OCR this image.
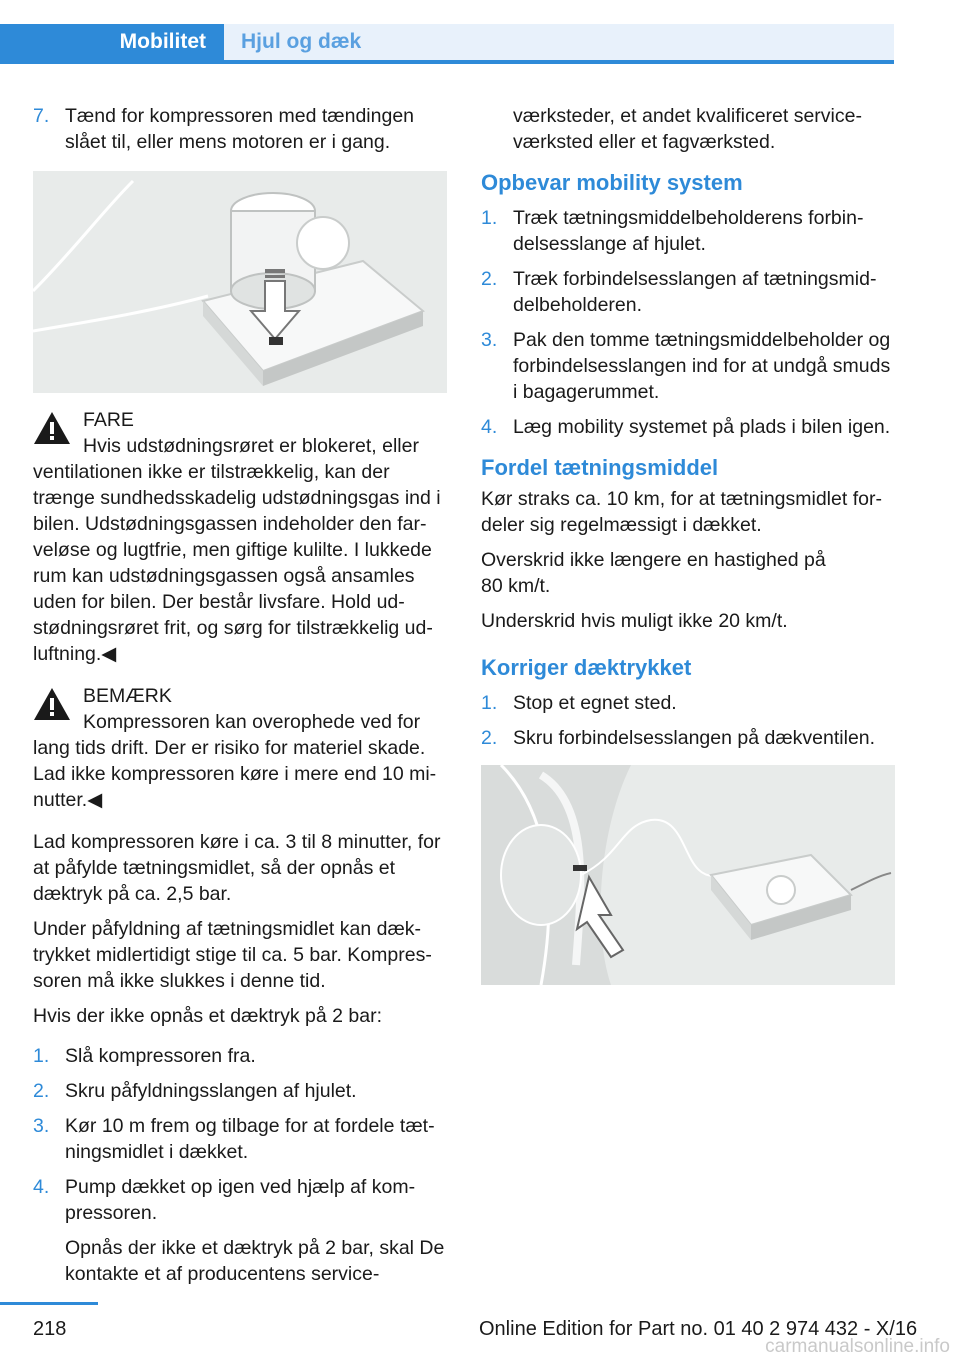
Mobilitet Hjul og dæk
7. Tænd for kompressoren med tændingen slået til, eller mens motoren er i gang.
FARE
Hvis udstødningsrøret er blokeret, eller ventilationen ikke er tilstrækkelig, kan der trænge sundhedsskadelig udstødningsgas ind i bilen. Udstødningsgassen indeholder den farveløse og lugtfrie, men giftige kulilte. I lukkede rum kan udstødningsgassen også ansamles uden for bilen. Der består livsfare. Hold udstødningsrøret frit, og sørg for tilstrækkelig udluftning.◀
BEMÆRK
Kompressoren kan overophede ved for lang tids drift. Der er risiko for materiel skade. Lad ikke kompressoren køre i mere end 10 minutter.◀

Lad kompressoren køre i ca. 3 til 8 minutter, for at påfylde tætningsmidlet, så der opnås et dæktryk på ca. 2,5 bar.

Under påfyldning af tætningsmidlet kan dæktrykket midlertidigt stige til ca. 5 bar. Kompressoren må ikke slukkes i denne tid.

Hvis der ikke opnås et dæktryk på 2 bar:

1. Slå kompressoren fra.
2. Skru påfyldningsslangen af hjulet.
3. Kør 10 m frem og tilbage for at fordele tætningsmidlet i dækket.
4. Pump dækket op igen ved hjælp af kompressoren.
Opnås der ikke et dæktryk på 2 bar, skal De kontakte et af producentens service-

værksteder, et andet kvalificeret serviceværksted eller et fagværksted.

Opbevar mobility system
1. Træk tætningsmiddelbeholderens forbindelsesslange af hjulet.
2. Træk forbindelsesslangen af tætningsmiddelbeholderen.
3. Pak den tomme tætningsmiddelbeholder og forbindelsesslangen ind for at undgå smuds i bagagerummet.
4. Læg mobility systemet på plads i bilen igen.
Fordel tætningsmiddel

Kør straks ca. 10 km, for at tætningsmidlet fordeler sig regelmæssigt i dækket.

Overskrid ikke længere en hastighed på
80 km/t.

Underskrid hvis muligt ikke 20 km/t.

Korriger dæktrykket
1. Stop et egnet sted.
2. Skru forbindelsesslangen på dækventilen.
218	Online Edition for Part no. 01 40 2 974 432 - X/16
carmanualsonline.info
